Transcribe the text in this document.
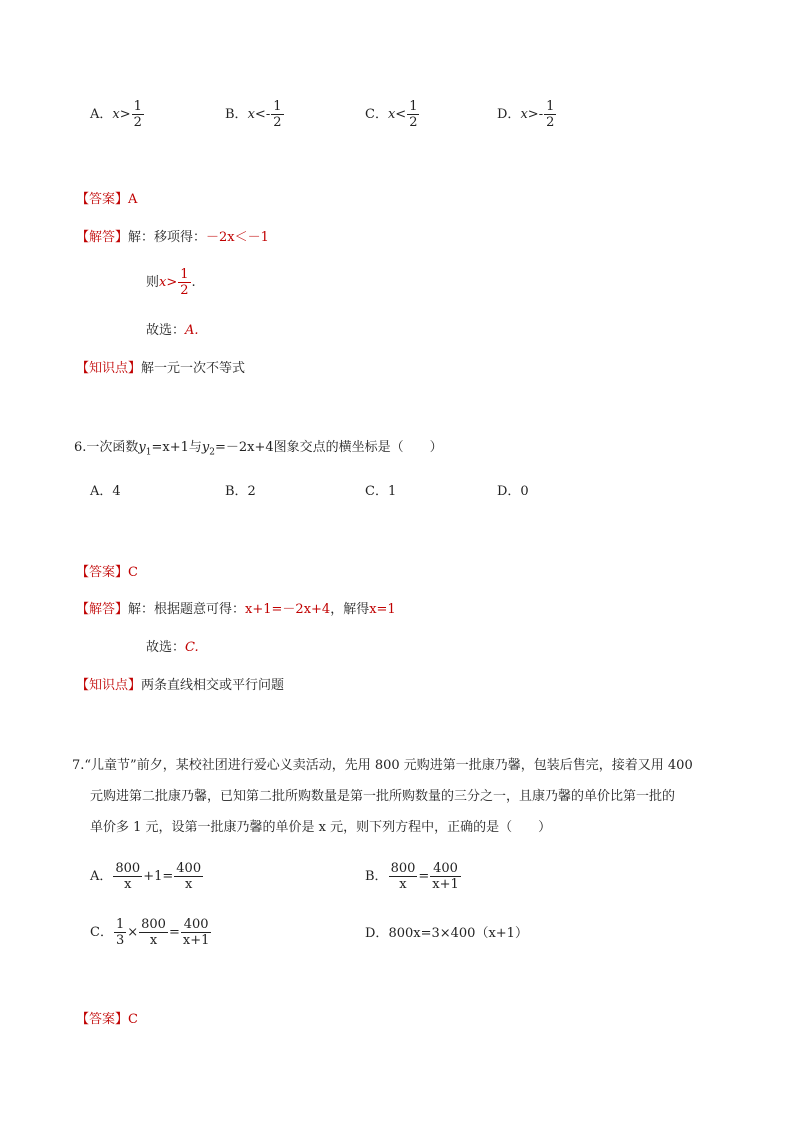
A．$x> \frac{1}{2}$	B．$x<- \frac{1}{2}$	C．$x< \frac{1}{2}$	D．$x>- \frac{1}{2}$
【答案】A
【解答】解：移项得：－2x＜－1
则$x> \frac{1}{2}$ .
故选：A.
【知识点】解一元一次不等式
6.一次函数$y_1=x+1$与$y_2=-2x+4$图象交点的横坐标是（　　）
A．4	B．2	C．1	D．0
【答案】C
【解答】解：根据题意可得：x+1=－2x+4，解得x=1
故选：C.
【知识点】两条直线相交或平行问题
7.“儿童节”前夕，某校社团进行爱心义卖活动，先用 800 元购进第一批康乃馨，包装后售完，接着又用 400
元购进第二批康乃馨，已知第二批所购数量是第一批所购数量的三分之一，且康乃馨的单价比第一批的
单价多 1 元，设第一批康乃馨的单价是 x 元，则下列方程中，正确的是（　　）
A． $\frac{800}{x} +1= \frac{400}{x}$	B． $\frac{800}{x} = \frac{400}{x+1}$
C． $\frac{1}{3} \times \frac{800}{x} = \frac{400}{x+1}$	D．800x=3×400（x+1）
【答案】C
